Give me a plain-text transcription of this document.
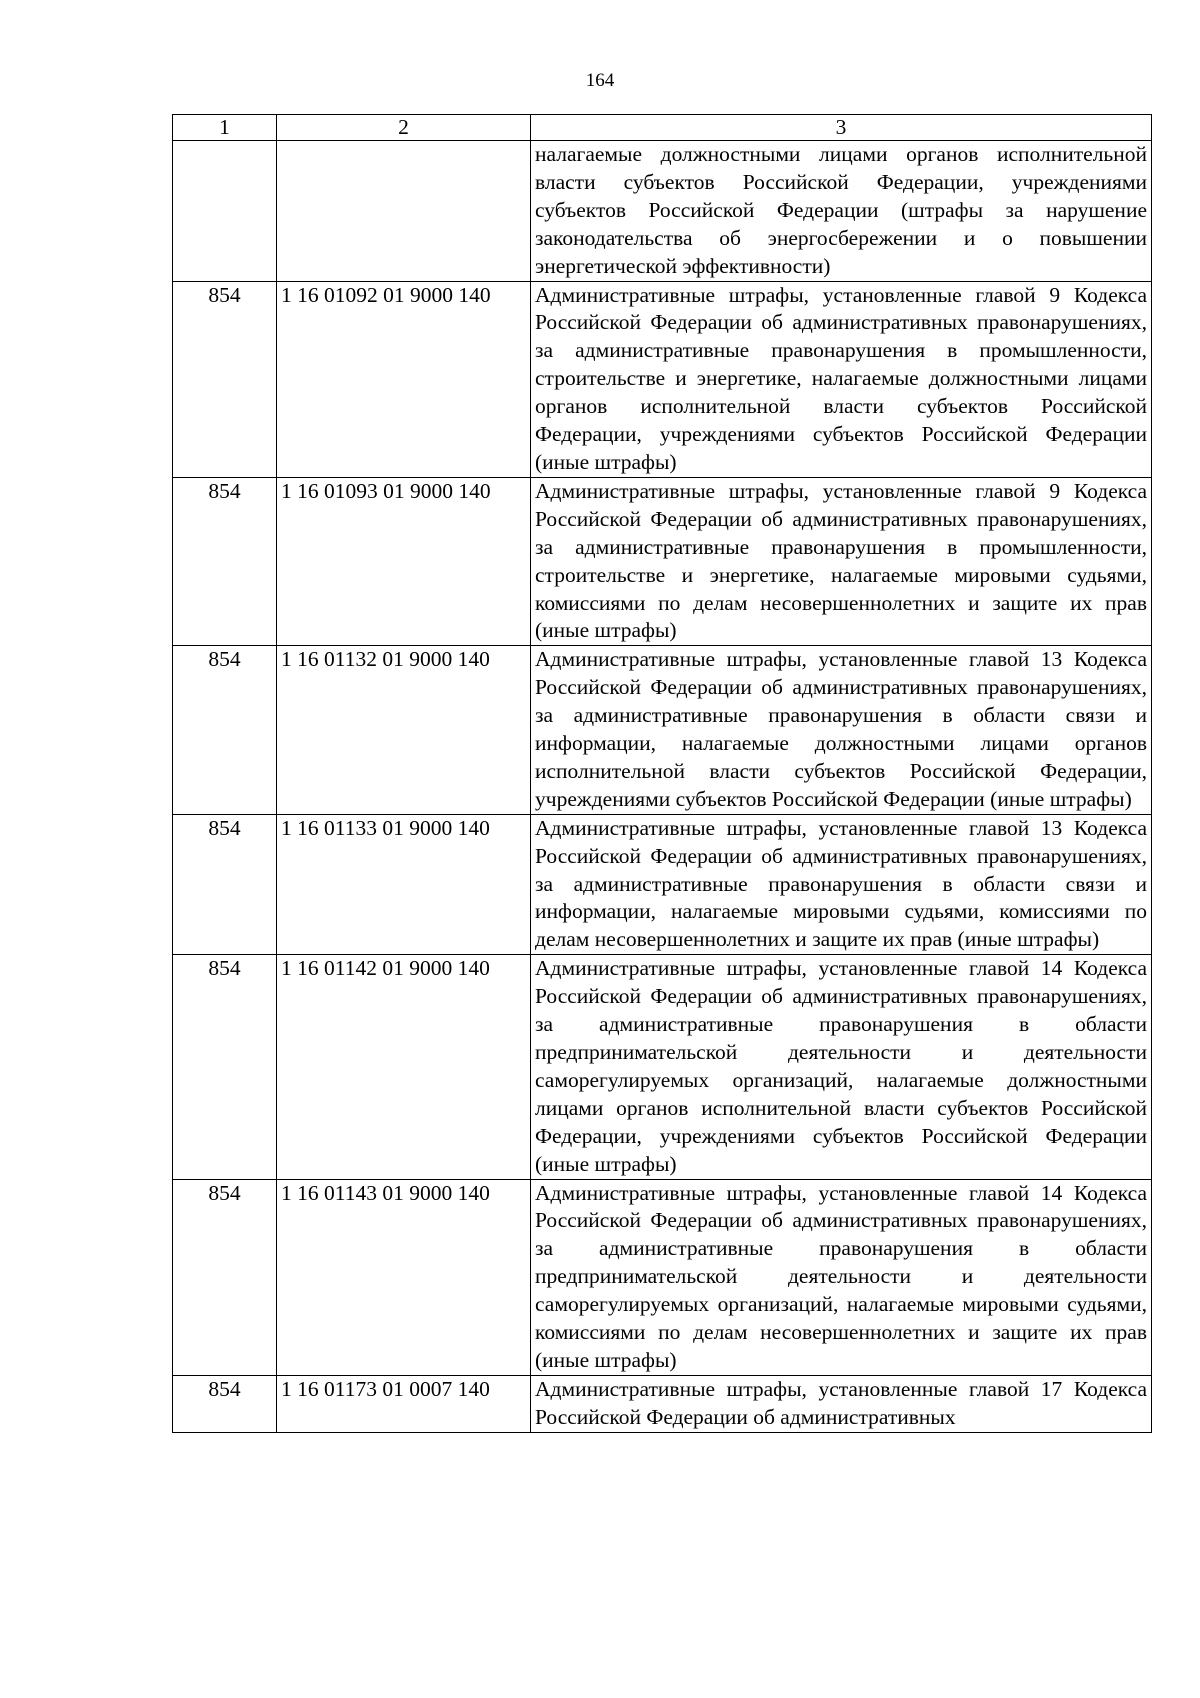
164
1	2	3
		налагаемые должностными лицами органов исполнительной власти субъектов Российской Федерации, учреждениями субъектов Российской Федерации (штрафы за нарушение законодательства об энергосбережении и о повышении энергетической эффективности)
854	1 16 01092 01 9000 140	Административные штрафы, установленные главой 9 Кодекса Российской Федерации об административных правонарушениях, за административные правонарушения в промышленности, строительстве и энергетике, налагаемые должностными лицами органов исполнительной власти субъектов Российской Федерации, учреждениями субъектов Российской Федерации (иные штрафы)
854	1 16 01093 01 9000 140	Административные штрафы, установленные главой 9 Кодекса Российской Федерации об административных правонарушениях, за административные правонарушения в промышленности, строительстве и энергетике, налагаемые мировыми судьями, комиссиями по делам несовершеннолетних и защите их прав (иные штрафы)
854	1 16 01132 01 9000 140	Административные штрафы, установленные главой 13 Кодекса Российской Федерации об административных правонарушениях, за административные правонарушения в области связи и информации, налагаемые должностными лицами органов исполнительной власти субъектов Российской Федерации, учреждениями субъектов Российской Федерации (иные штрафы)
854	1 16 01133 01 9000 140	Административные штрафы, установленные главой 13 Кодекса Российской Федерации об административных правонарушениях, за административные правонарушения в области связи и информации, налагаемые мировыми судьями, комиссиями по делам несовершеннолетних и защите их прав (иные штрафы)
854	1 16 01142 01 9000 140	Административные штрафы, установленные главой 14 Кодекса Российской Федерации об административных правонарушениях, за административные правонарушения в области предпринимательской деятельности и деятельности саморегулируемых организаций, налагаемые должностными лицами органов исполнительной власти субъектов Российской Федерации, учреждениями субъектов Российской Федерации (иные штрафы)
854	1 16 01143 01 9000 140	Административные штрафы, установленные главой 14 Кодекса Российской Федерации об административных правонарушениях, за административные правонарушения в области предпринимательской деятельности и деятельности саморегулируемых организаций, налагаемые мировыми судьями, комиссиями по делам несовершеннолетних и защите их прав (иные штрафы)
854	1 16 01173 01 0007 140	Административные штрафы, установленные главой 17 Кодекса Российской Федерации об административных
